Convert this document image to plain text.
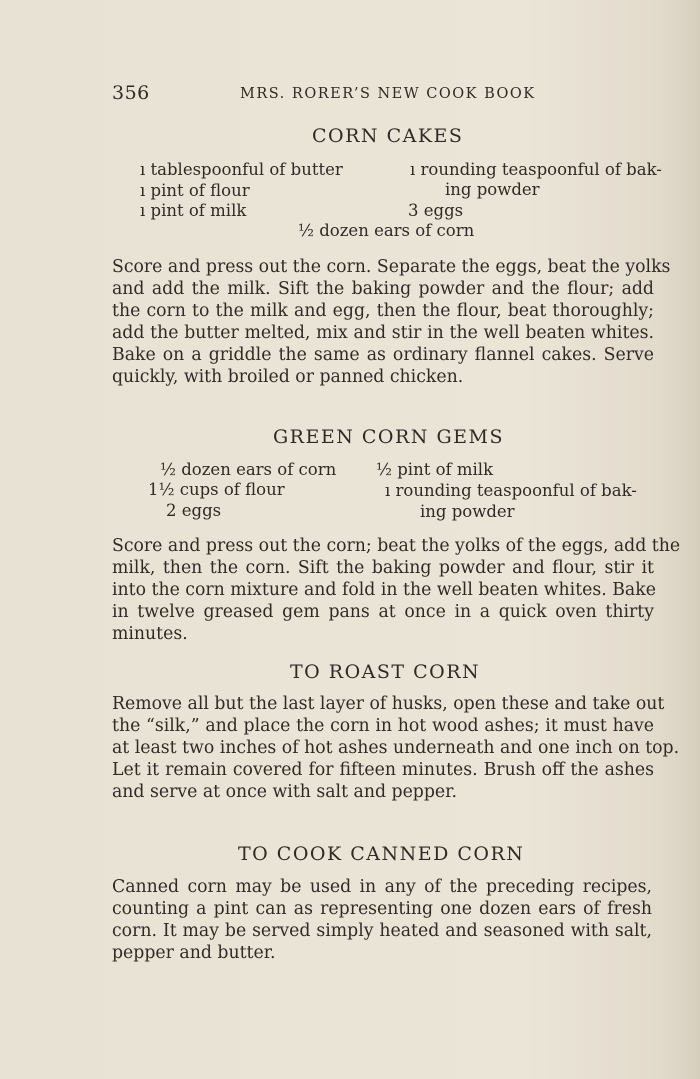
356	MRS. RORER’S NEW COOK BOOK
CORN CAKES
ı tablespoonful of butter
ı pint of flour
ı pint of milk
ı rounding teaspoonful of bak-
ing powder
3 eggs
½ dozen ears of corn
Score and press out the corn. Separate the eggs, beat the yolks
and add the milk. Sift the baking powder and the flour; add
the corn to the milk and egg, then the flour, beat thoroughly;
add the butter melted, mix and stir in the well beaten whites.
Bake on a griddle the same as ordinary flannel cakes. Serve
quickly, with broiled or panned chicken.
GREEN CORN GEMS
½ dozen ears of corn
1½ cups of flour
2 eggs
½ pint of milk
ı rounding teaspoonful of bak-
ing powder
Score and press out the corn; beat the yolks of the eggs, add the
milk, then the corn. Sift the baking powder and flour, stir it
into the corn mixture and fold in the well beaten whites. Bake
in twelve greased gem pans at once in a quick oven thirty
minutes.
TO ROAST CORN
Remove all but the last layer of husks, open these and take out
the “silk,” and place the corn in hot wood ashes; it must have
at least two inches of hot ashes underneath and one inch on top.
Let it remain covered for fifteen minutes. Brush off the ashes
and serve at once with salt and pepper.
TO COOK CANNED CORN
Canned corn may be used in any of the preceding recipes,
counting a pint can as representing one dozen ears of fresh
corn. It may be served simply heated and seasoned with salt,
pepper and butter.
